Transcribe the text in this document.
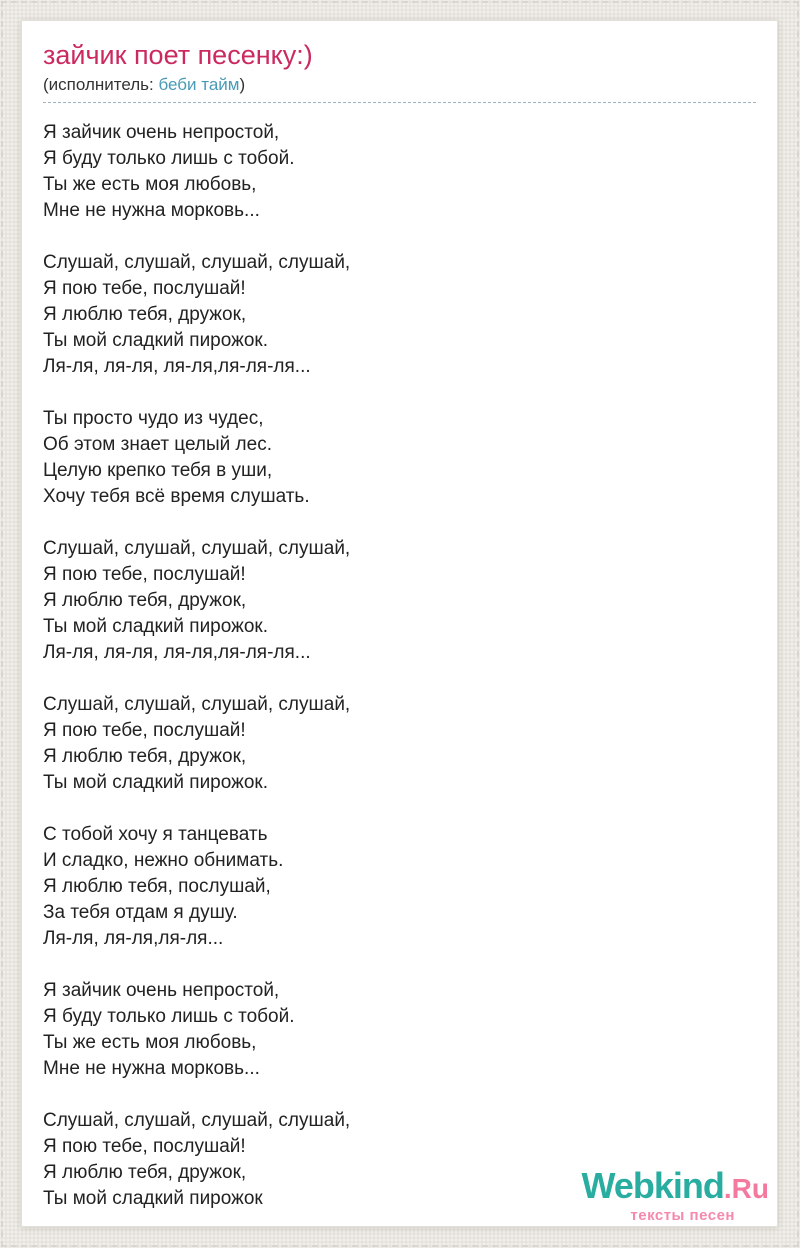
зайчик поет песенку:)

(исполнитель: беби тайм)

Я зайчик очень непростой,
Я буду только лишь с тобой.
Ты же есть моя любовь,
Мне не нужна морковь...

Слушай, слушай, слушай, слушай,
Я пою тебе, послушай!
Я люблю тебя, дружок,
Ты мой сладкий пирожок.
Ля-ля, ля-ля, ля-ля,ля-ля-ля...

Ты просто чудо из чудес,
Об этом знает целый лес.
Целую крепко тебя в уши,
Хочу тебя всё время слушать.

Слушай, слушай, слушай, слушай,
Я пою тебе, послушай!
Я люблю тебя, дружок,
Ты мой сладкий пирожок.
Ля-ля, ля-ля, ля-ля,ля-ля-ля...

Слушай, слушай, слушай, слушай,
Я пою тебе, послушай!
Я люблю тебя, дружок,
Ты мой сладкий пирожок.

С тобой хочу я танцевать
И сладко, нежно обнимать.
Я люблю тебя, послушай,
За тебя отдам я душу.
Ля-ля, ля-ля,ля-ля...

Я зайчик очень непростой,
Я буду только лишь с тобой.
Ты же есть моя любовь,
Мне не нужна морковь...

Слушай, слушай, слушай, слушай,
Я пою тебе, послушай!
Я люблю тебя, дружок,
Ты мой сладкий пирожок	Webkind.Ru
тексты песен
